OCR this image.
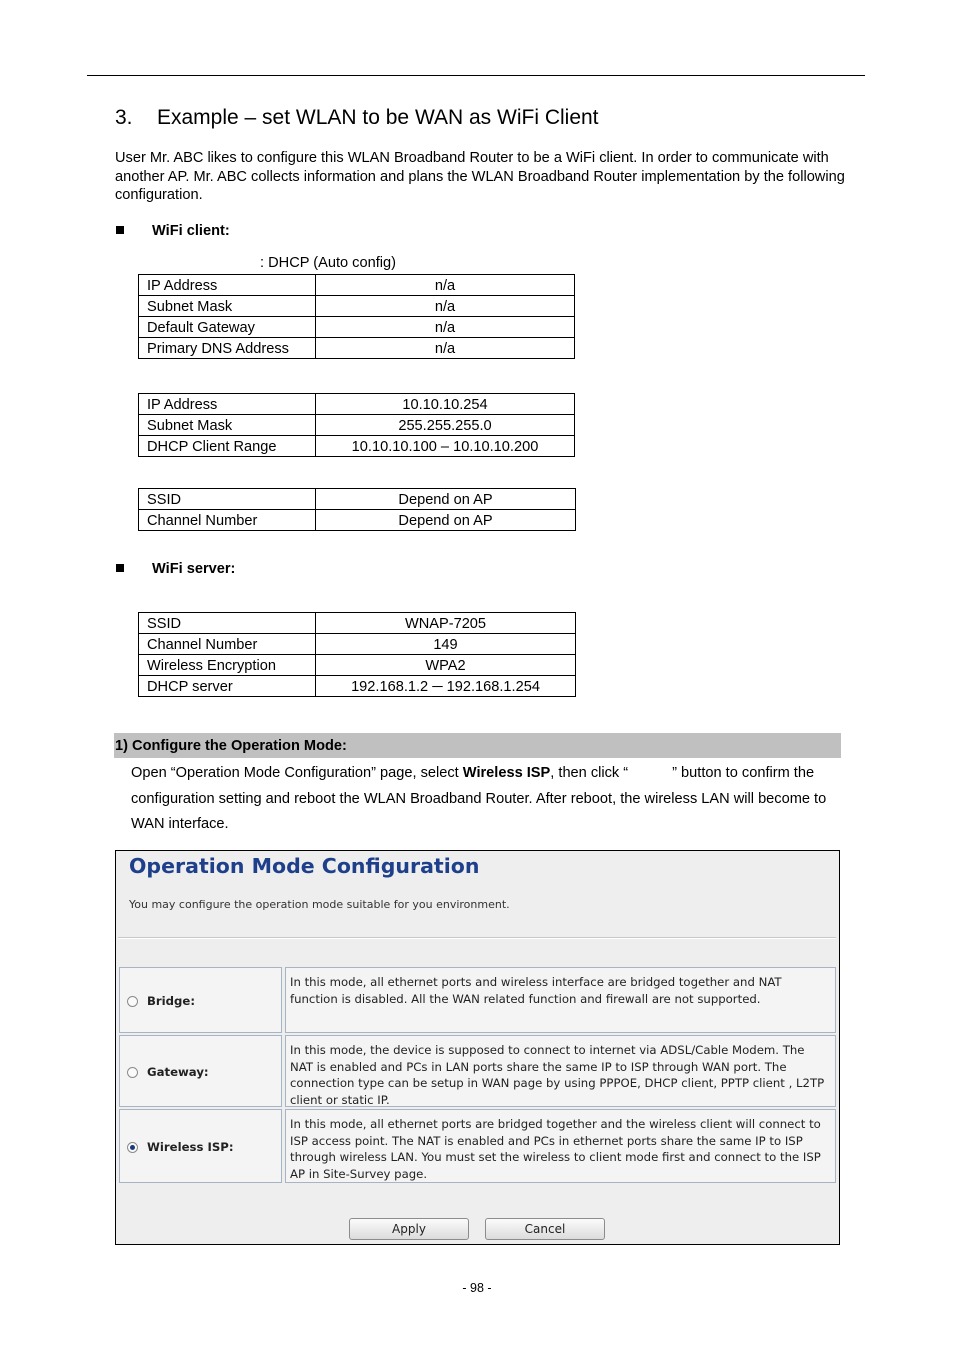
3. Example – set WLAN to be WAN as WiFi Client
User Mr. ABC likes to configure this WLAN Broadband Router to be a WiFi client. In order to communicate with another AP. Mr. ABC collects information and plans the WLAN Broadband Router implementation by the following configuration.
WiFi client:
: DHCP (Auto config)
IP Address	n/a
Subnet Mask	n/a
Default Gateway	n/a
Primary DNS Address	n/a
IP Address	10.10.10.254
Subnet Mask	255.255.255.0
DHCP Client Range	10.10.10.100 – 10.10.10.200
SSID	Depend on AP
Channel Number	Depend on AP
WiFi server:
SSID	WNAP-7205
Channel Number	149
Wireless Encryption	WPA2
DHCP server	192.168.1.2 ─ 192.168.1.254
1) Configure the Operation Mode:
Open “Operation Mode Configuration” page, select Wireless ISP, then click “	” button to confirm the configuration setting and reboot the WLAN Broadband Router. After reboot, the wireless LAN will become to WAN interface.
Operation Mode Configuration
You may configure the operation mode suitable for you environment.
Bridge:
In this mode, all ethernet ports and wireless interface are bridged together and NAT function is disabled. All the WAN related function and firewall are not supported.
Gateway:
In this mode, the device is supposed to connect to internet via ADSL/Cable Modem. The NAT is enabled and PCs in LAN ports share the same IP to ISP through WAN port. The connection type can be setup in WAN page by using PPPOE, DHCP client, PPTP client , L2TP client or static IP.
Wireless ISP:
In this mode, all ethernet ports are bridged together and the wireless client will connect to ISP access point. The NAT is enabled and PCs in ethernet ports share the same IP to ISP through wireless LAN. You must set the wireless to client mode first and connect to the ISP AP in Site-Survey page.
Apply	Cancel
- 98 -
